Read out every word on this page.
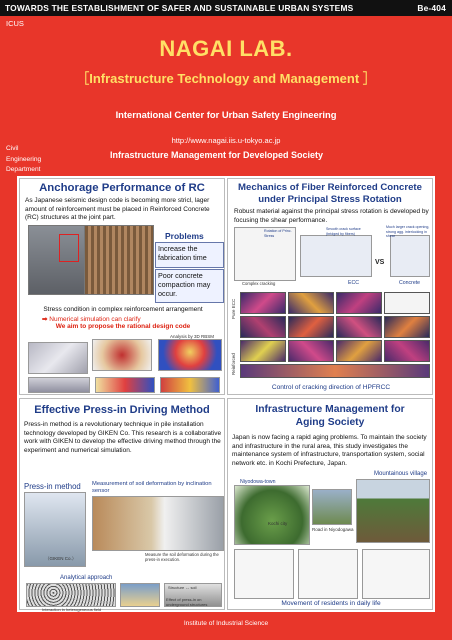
TOWARDS THE ESTABLISHMENT OF SAFER AND SUSTAINABLE URBAN SYSTEMS	Be-404
ICUS
NAGAI LAB.
［Infrastructure Technology and Management ］
International Center for Urban Safety Engineering
http://www.nagai.iis.u-tokyo.ac.jp
Civil
Engineering
Department
Infrastructure Management for Developed Society
Anchorage Performance of RC
As Japanese seismic design code is becoming more stricl, lager amount of reinforcement must be placed in Reinforced Concrete (RC) structures at the joint part.
Problems
Increase the fabrication time
Poor concrete compaction may occur.
Stress condition in complex reinforcement arrangement
➡ Numerical simulation can clarify
We aim to propose the rational design code
Analysis by 3D RBSM
Mechanics of Fiber Reinforced Concrete
under Principal Stress Rotation
Robust material against the principal stress rotation is developed by focusing the shear performance.
Rotation of Princ. Stress
Smooth crack surface (bridged by fibers)
Much larger crack opening, strong agg. interlocking in shear
VS
ECC	Concrete
Complex cracking
Pure ECC
Reinforced
Control of cracking direction of HPFRCC
Effective Press-in Driving Method
Press-in method is a revolutionary technique in pile installation technology developed by GIKEN Co. This research is a collaborative work with GIKEN to develop the effective driving method through the experiment and numerical simulation.
Press-in method
（GIKEN Co.）
Measurement of soil deformation by inclination sensor
Measure the soil deformation during the press-in execution.
Analytical approach
Interaction in heterogeneous field
Structure ↔ soil
Effect of press-in on underground structures
Infrastructure Management for
Aging Society
Japan is now facing a rapid aging problems. To maintain the society and infrastructure in the rural area, this study investigates the maintenance system of infrastructure, transportation system, social network etc. in Kochi Prefecture, Japan.
Niyodowa-town
Kochi city
Road in Niyodogawa
Mountainous village
Movement of residents in daily life
Institute of Industrial Science
